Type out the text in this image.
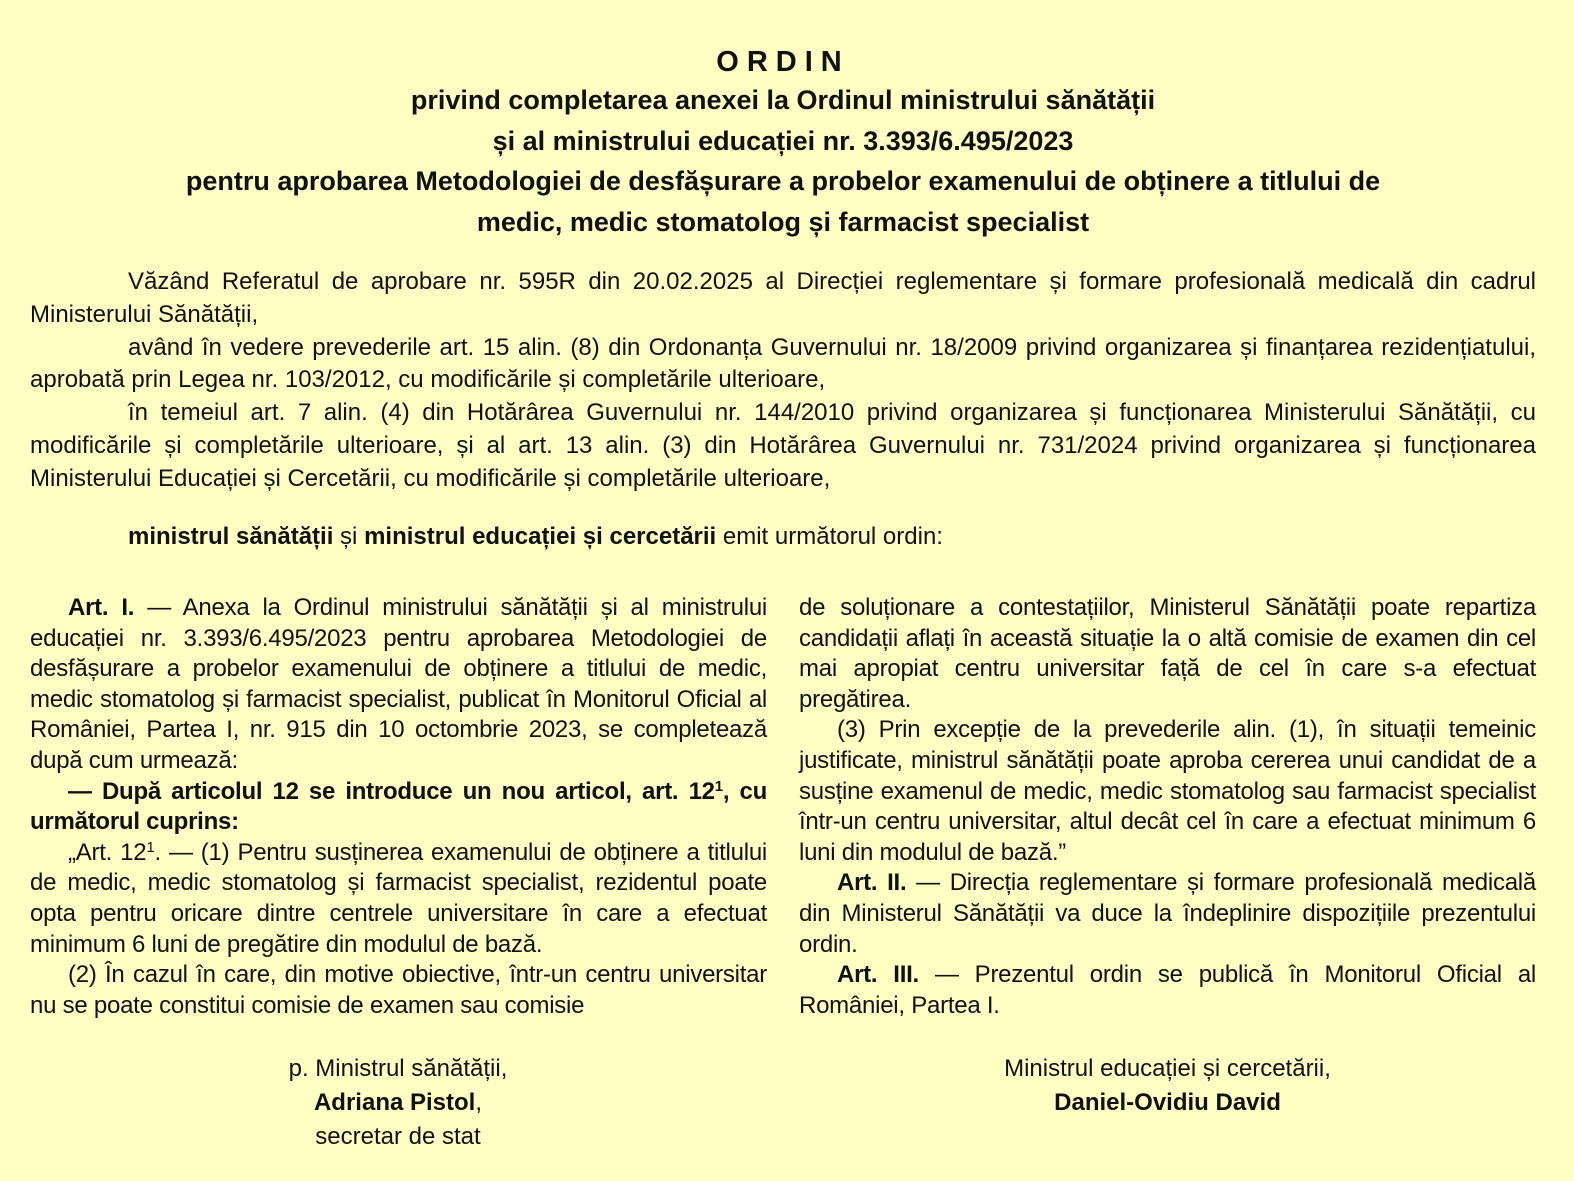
ORDIN
privind completarea anexei la Ordinul ministrului sănătății
și al ministrului educației nr. 3.393/6.495/2023
pentru aprobarea Metodologiei de desfășurare a probelor examenului de obținere a titlului de
medic, medic stomatolog și farmacist specialist

Văzând Referatul de aprobare nr. 595R din 20.02.2025 al Direcției reglementare și formare profesională medicală din cadrul Ministerului Sănătății,

având în vedere prevederile art. 15 alin. (8) din Ordonanța Guvernului nr. 18/2009 privind organizarea și finanțarea rezidențiatului, aprobată prin Legea nr. 103/2012, cu modificările și completările ulterioare,

în temeiul art. 7 alin. (4) din Hotărârea Guvernului nr. 144/2010 privind organizarea și funcționarea Ministerului Sănătății, cu modificările și completările ulterioare, și al art. 13 alin. (3) din Hotărârea Guvernului nr. 731/2024 privind organizarea și funcționarea Ministerului Educației și Cercetării, cu modificările și completările ulterioare,

ministrul sănătății și ministrul educației și cercetării emit următorul ordin:

Art. I. — Anexa la Ordinul ministrului sănătății și al ministrului educației nr. 3.393/6.495/2023 pentru aprobarea Metodologiei de desfășurare a probelor examenului de obținere a titlului de medic, medic stomatolog și farmacist specialist, publicat în Monitorul Oficial al României, Partea I, nr. 915 din 10 octombrie 2023, se completează după cum urmează:

— După articolul 12 se introduce un nou articol, art. $12^1$, cu următorul cuprins:

„Art. $12^1$. — (1) Pentru susținerea examenului de obținere a titlului de medic, medic stomatolog și farmacist specialist, rezidentul poate opta pentru oricare dintre centrele universitare în care a efectuat minimum 6 luni de pregătire din modulul de bază.

(2) În cazul în care, din motive obiective, într-un centru universitar nu se poate constitui comisie de examen sau comisie

de soluționare a contestațiilor, Ministerul Sănătății poate repartiza candidații aflați în această situație la o altă comisie de examen din cel mai apropiat centru universitar față de cel în care s-a efectuat pregătirea.

(3) Prin excepție de la prevederile alin. (1), în situații temeinic justificate, ministrul sănătății poate aproba cererea unui candidat de a susține examenul de medic, medic stomatolog sau farmacist specialist într-un centru universitar, altul decât cel în care a efectuat minimum 6 luni din modulul de bază.”

Art. II. — Direcția reglementare și formare profesională medicală din Ministerul Sănătății va duce la îndeplinire dispozițiile prezentului ordin.

Art. III. — Prezentul ordin se publică în Monitorul Oficial al României, Partea I.

p. Ministrul sănătății,
Adriana Pistol,
secretar de stat
Ministrul educației și cercetării,
Daniel-Ovidiu David
